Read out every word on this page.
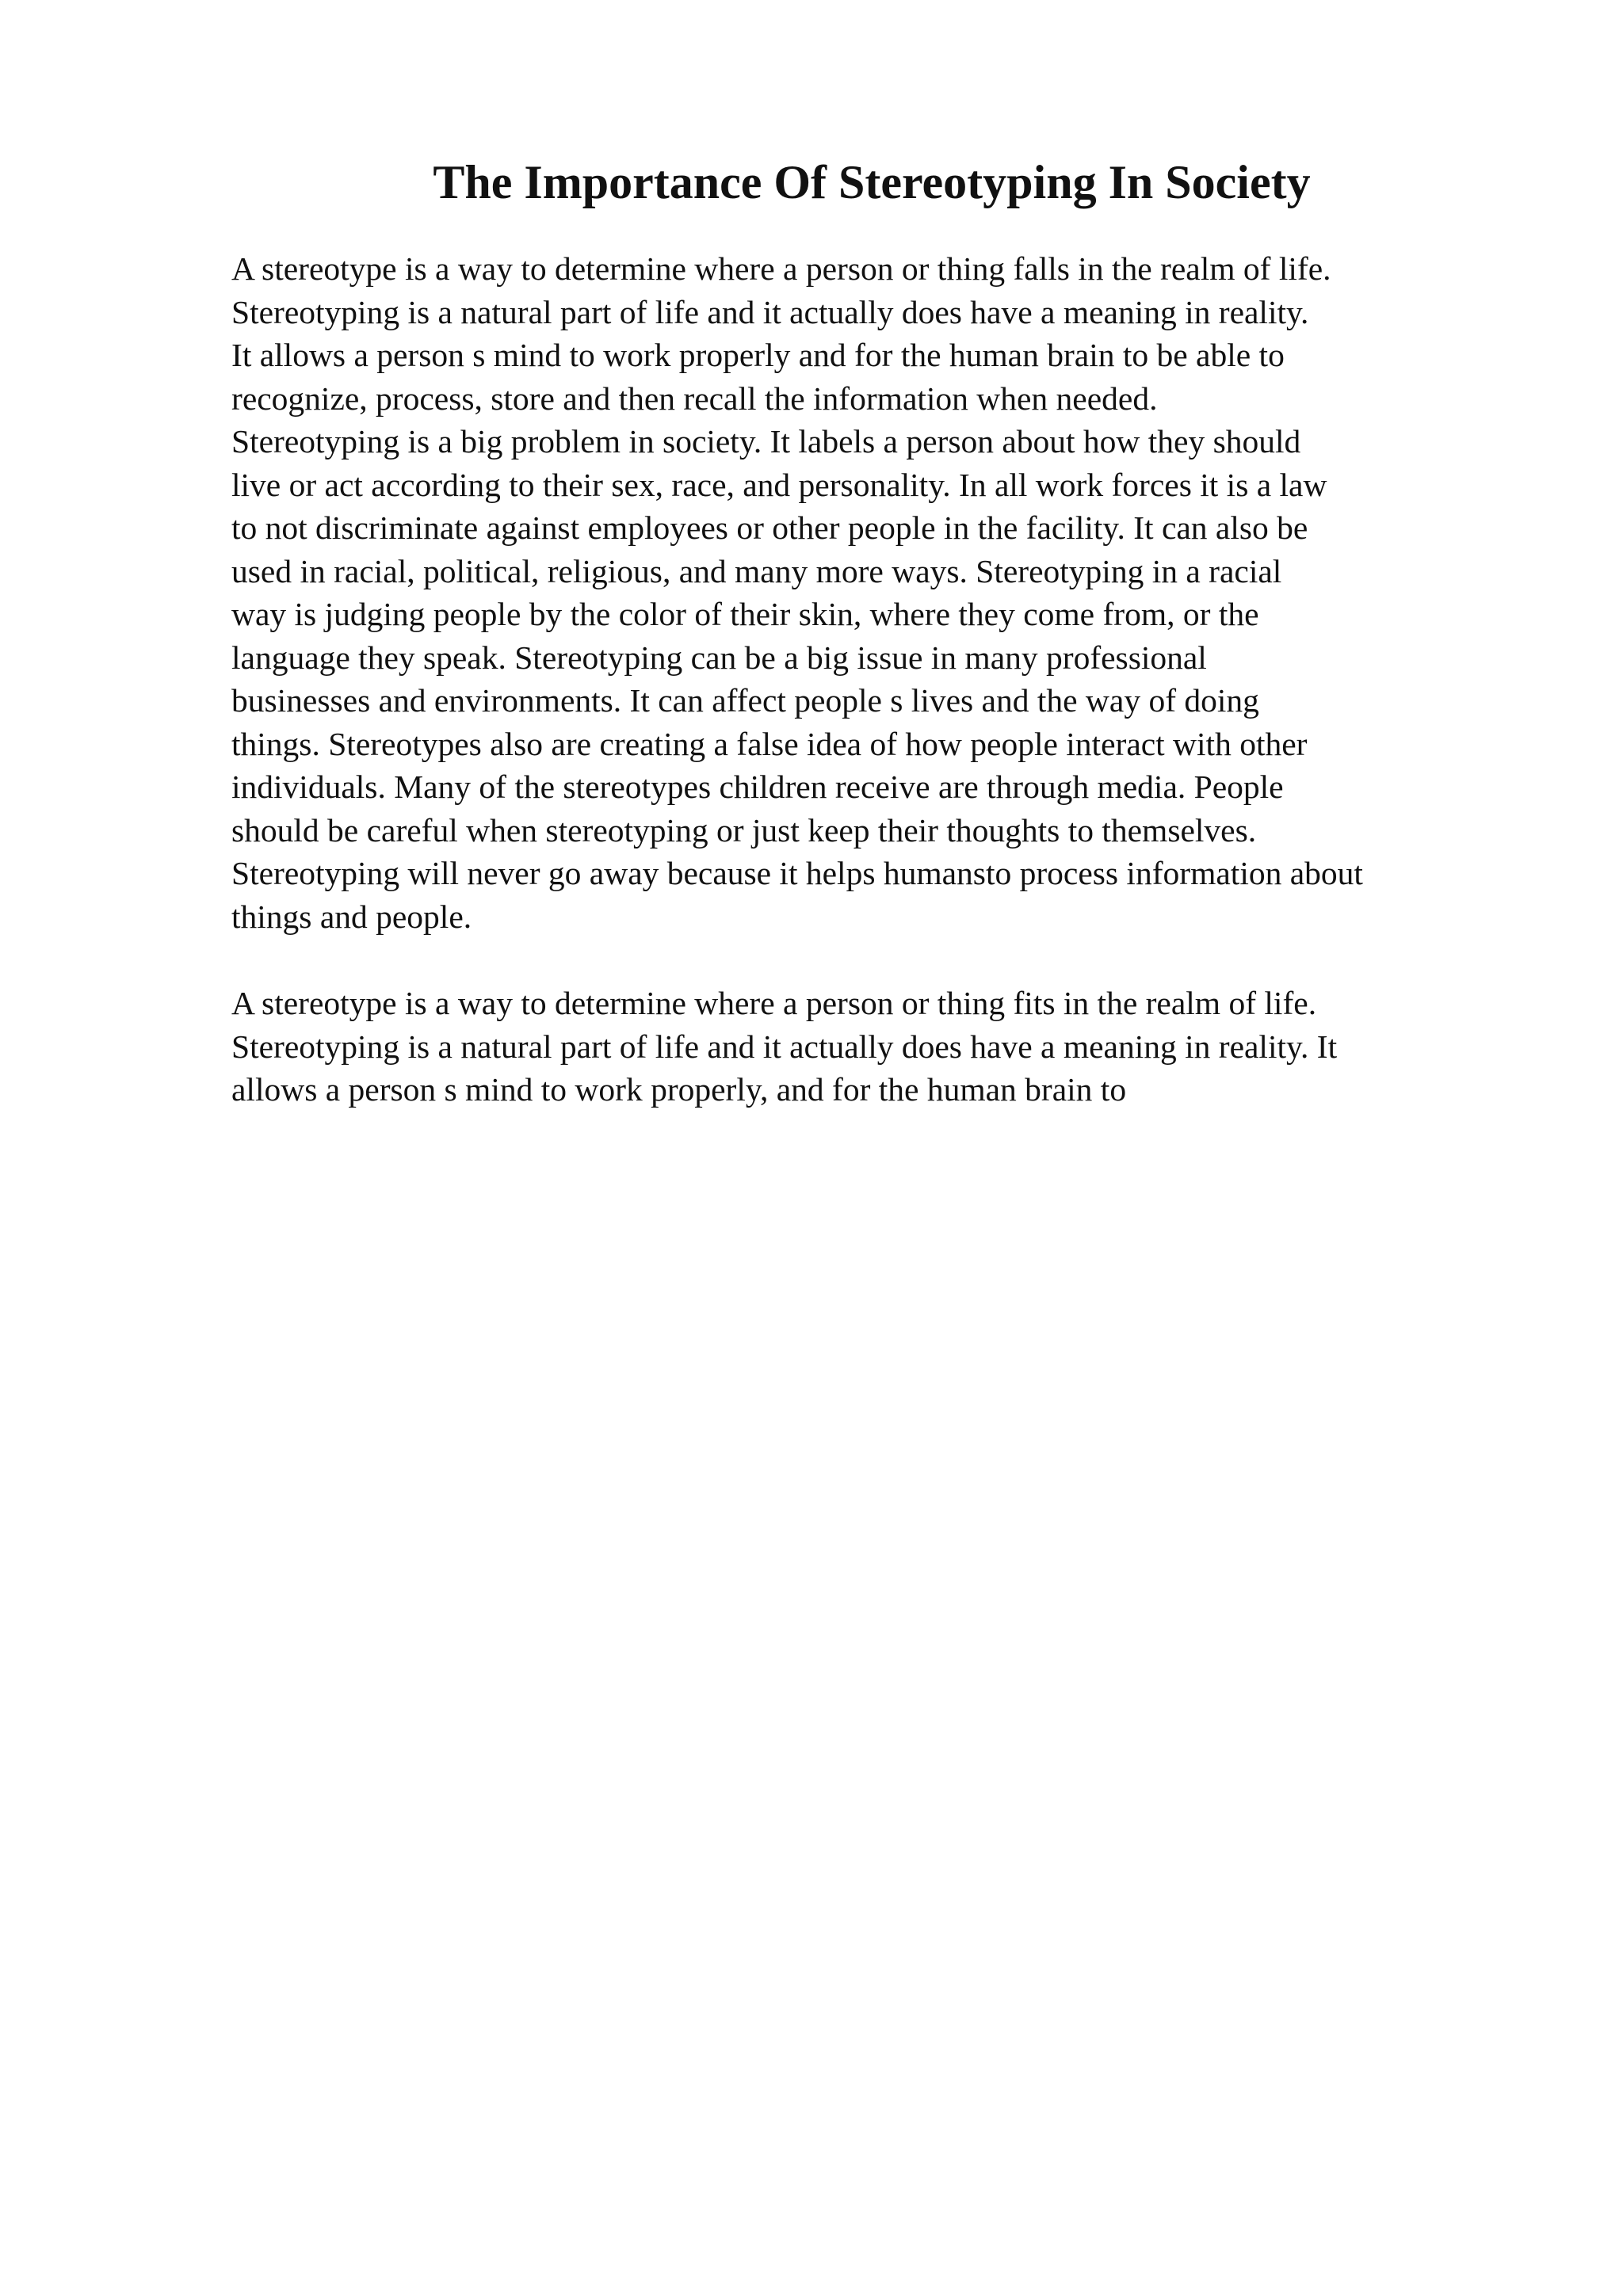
The Importance Of Stereotyping In Society
A stereotype is a way to determine where a person or thing falls in the realm of life.
Stereotyping is a natural part of life and it actually does have a meaning in reality.
It allows a person s mind to work properly and for the human brain to be able to
recognize, process, store and then recall the information when needed.
Stereotyping is a big problem in society. It labels a person about how they should
live or act according to their sex, race, and personality. In all work forces it is a law
to not discriminate against employees or other people in the facility. It can also be
used in racial, political, religious, and many more ways. Stereotyping in a racial
way is judging people by the color of their skin, where they come from, or the
language they speak. Stereotyping can be a big issue in many professional
businesses and environments. It can affect people s lives and the way of doing
things. Stereotypes also are creating a false idea of how people interact with other
individuals. Many of the stereotypes children receive are through media. People
should be careful when stereotyping or just keep their thoughts to themselves.
Stereotyping will never go away because it helps humansto process information about
things and people.
A stereotype is a way to determine where a person or thing fits in the realm of life.
Stereotyping is a natural part of life and it actually does have a meaning in reality. It
allows a person s mind to work properly, and for the human brain to
